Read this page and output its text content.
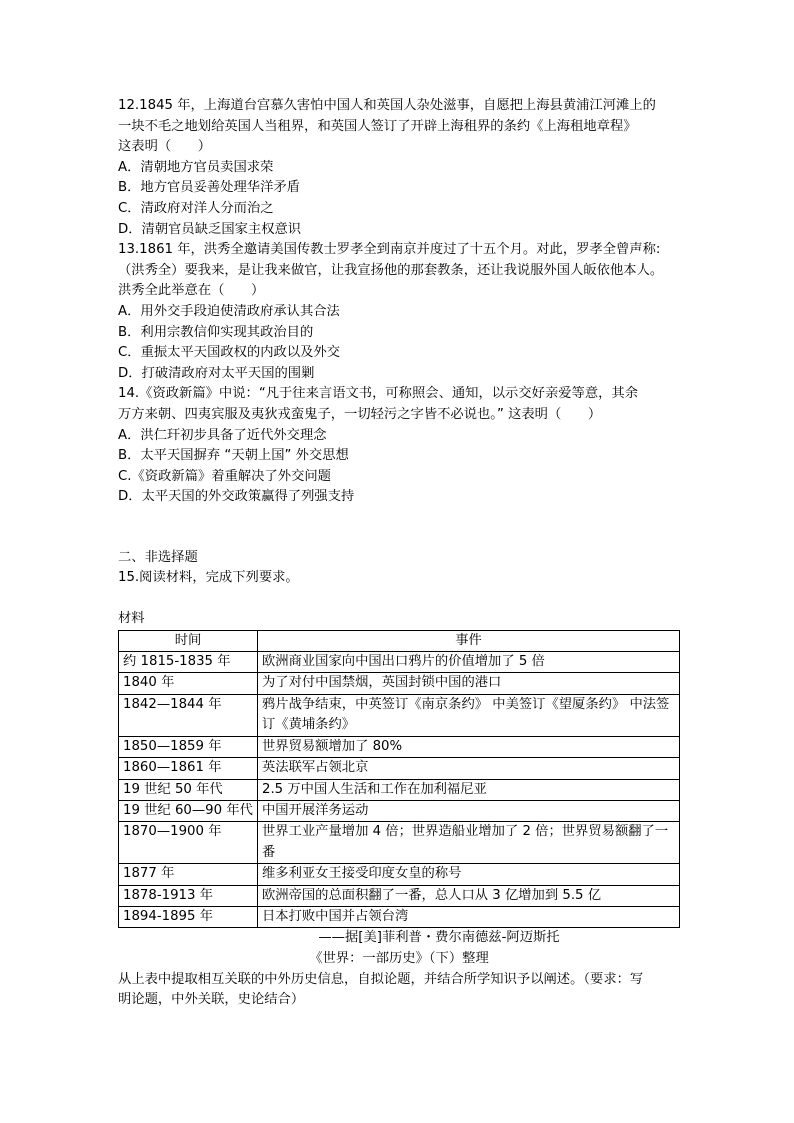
12.1845 年，上海道台宫慕久害怕中国人和英国人杂处滋事，自愿把上海县黄浦江河滩上的
一块不毛之地划给英国人当租界，和英国人签订了开辟上海租界的条约《上海租地章程》
这表明（　　）
A．清朝地方官员卖国求荣
B．地方官员妥善处理华洋矛盾
C．清政府对洋人分而治之
D．清朝官员缺乏国家主权意识
13.1861 年，洪秀全邀请美国传教士罗孝全到南京并度过了十五个月。对此，罗孝全曾声称:
（洪秀全）要我来，是让我来做官，让我宣扬他的那套教条，还让我说服外国人皈依他本人。
洪秀全此举意在（　　）
A．用外交手段迫使清政府承认其合法
B．利用宗教信仰实现其政治目的
C．重振太平天国政权的内政以及外交
D．打破清政府对太平天国的围剿
14.《资政新篇》中说：“凡于往来言语文书，可称照会、通知，以示交好亲爱等意，其余
万方来朝、四夷宾服及夷狄戎蛮鬼子，一切轻污之字皆不必说也。” 这表明（　　）
A．洪仁玕初步具备了近代外交理念
B．太平天国摒弃 “天朝上国” 外交思想
C.《资政新篇》着重解决了外交问题
D．太平天国的外交政策赢得了列强支持
二、非选择题
15.阅读材料，完成下列要求。
材料
时间	事件
约 1815-1835 年	欧洲商业国家向中国出口鸦片的价值增加了 5 倍
1840 年	为了对付中国禁烟，英国封锁中国的港口
1842—1844 年	鸦片战争结束，中英签订《南京条约》 中美签订《望厦条约》 中法签订《黄埔条约》
1850—1859 年	世界贸易额增加了 80%
1860—1861 年	英法联军占领北京
19 世纪 50 年代	2.5 万中国人生活和工作在加利福尼亚
19 世纪 60—90 年代	中国开展洋务运动
1870—1900 年	世界工业产量增加 4 倍；世界造船业增加了 2 倍；世界贸易额翻了一番
1877 年	维多利亚女王接受印度女皇的称号
1878-1913 年	欧洲帝国的总面积翻了一番，总人口从 3 亿增加到 5.5 亿
1894-1895 年	日本打败中国并占领台湾
——据[美]菲利普・费尔南德兹-阿迈斯托
《世界：一部历史》（下）整理
从上表中提取相互关联的中外历史信息，自拟论题，并结合所学知识予以阐述。（要求：写
明论题，中外关联，史论结合）
